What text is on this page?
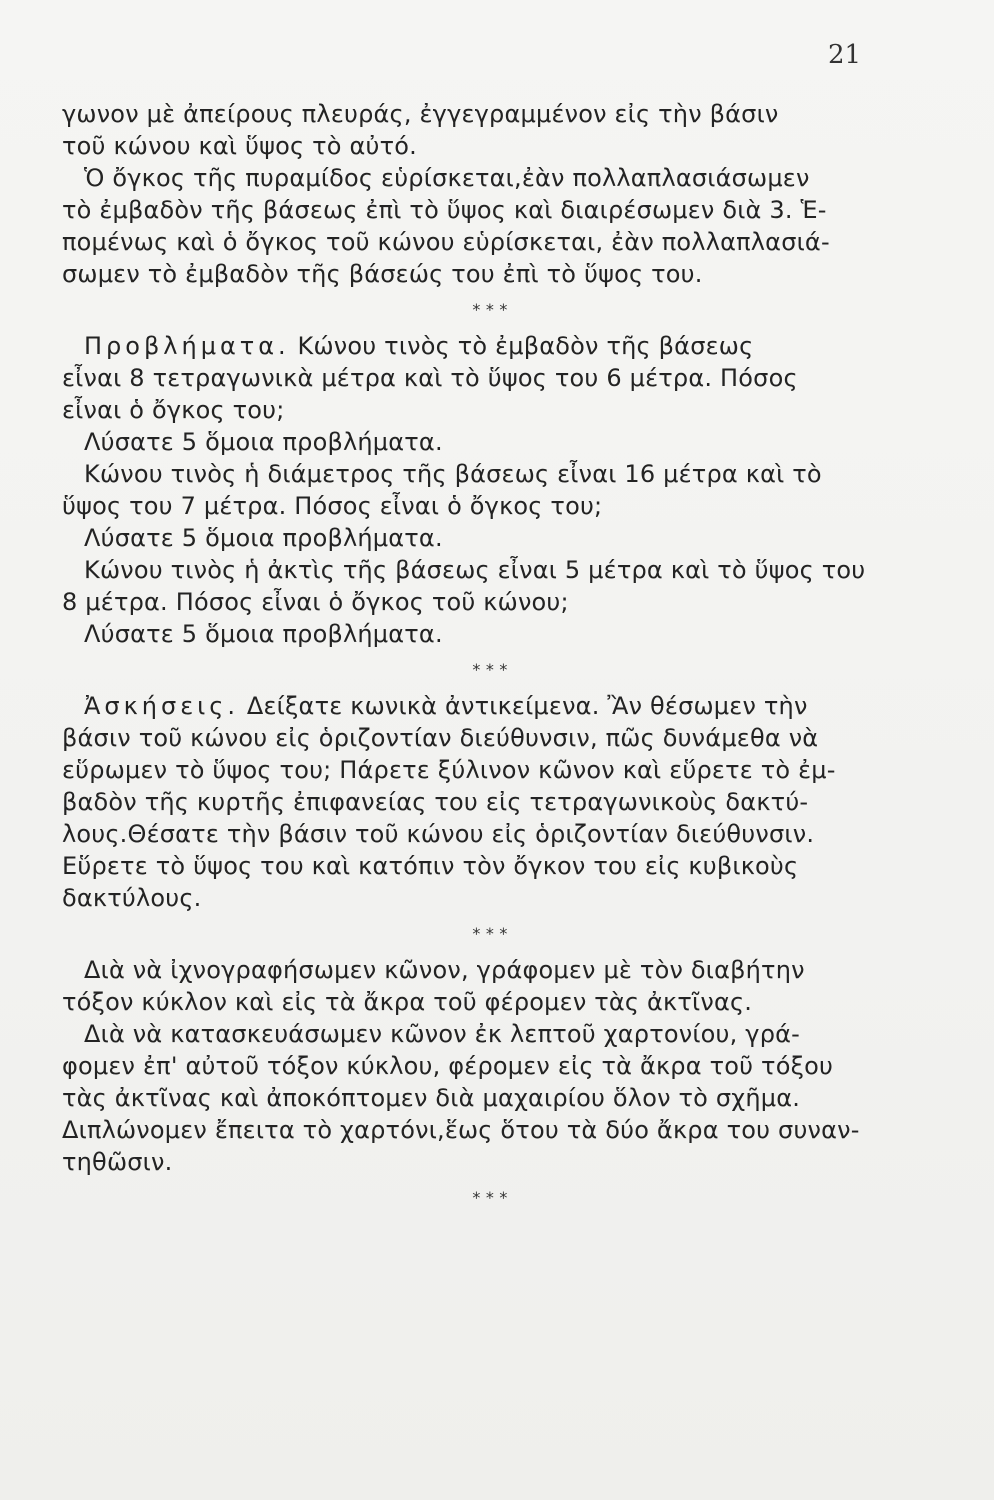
21
γωνον μὲ ἀπείρους πλευράς, ἐγγεγραμμένον εἰς τὴν βάσιν
τοῦ κώνου καὶ ὕψος τὸ αὐτό.
Ὁ ὄγκος τῆς πυραμίδος εὑρίσκεται,ἐὰν πολλαπλασιάσωμεν
τὸ ἐμβαδὸν τῆς βάσεως ἐπὶ τὸ ὕψος καὶ διαιρέσωμεν διὰ 3. Ἑ-
πομένως καὶ ὁ ὄγκος τοῦ κώνου εὑρίσκεται, ἐὰν πολλαπλασιά-
σωμεν τὸ ἐμβαδὸν τῆς βάσεώς του ἐπὶ τὸ ὕψος του.
* * *
Προβλήματα. Κώνου τινὸς τὸ ἐμβαδὸν τῆς βάσεως
εἶναι 8 τετραγωνικὰ μέτρα καὶ τὸ ὕψος του 6 μέτρα. Πόσος
εἶναι ὁ ὄγκος του;
Λύσατε 5 ὅμοια προβλήματα.
Κώνου τινὸς ἡ διάμετρος τῆς βάσεως εἶναι 16 μέτρα καὶ τὸ
ὕψος του 7 μέτρα. Πόσος εἶναι ὁ ὄγκος του;
Λύσατε 5 ὅμοια προβλήματα.
Κώνου τινὸς ἡ ἀκτὶς τῆς βάσεως εἶναι 5 μέτρα καὶ τὸ ὕψος του
8 μέτρα. Πόσος εἶναι ὁ ὄγκος τοῦ κώνου;
Λύσατε 5 ὅμοια προβλήματα.
* * *
Ἀσκήσεις. Δείξατε κωνικὰ ἀντικείμενα. Ἂν θέσωμεν τὴν
βάσιν τοῦ κώνου εἰς ὁριζοντίαν διεύθυνσιν, πῶς δυνάμεθα νὰ
εὕρωμεν τὸ ὕψος του; Πάρετε ξύλινον κῶνον καὶ εὕρετε τὸ ἐμ-
βαδὸν τῆς κυρτῆς ἐπιφανείας του εἰς τετραγωνικοὺς δακτύ-
λους.Θέσατε τὴν βάσιν τοῦ κώνου εἰς ὁριζοντίαν διεύθυνσιν.
Εὕρετε τὸ ὕψος του καὶ κατόπιν τὸν ὄγκον του εἰς κυβικοὺς
δακτύλους.
* * *
Διὰ νὰ ἰχνογραφήσωμεν κῶνον, γράφομεν μὲ τὸν διαβήτην
τόξον κύκλον καὶ εἰς τὰ ἄκρα τοῦ φέρομεν τὰς ἀκτῖνας.
Διὰ νὰ κατασκευάσωμεν κῶνον ἐκ λεπτοῦ χαρτονίου, γρά-
φομεν ἐπ' αὐτοῦ τόξον κύκλου, φέρομεν εἰς τὰ ἄκρα τοῦ τόξου
τὰς ἀκτῖνας καὶ ἀποκόπτομεν διὰ μαχαιρίου ὅλον τὸ σχῆμα.
Διπλώνομεν ἔπειτα τὸ χαρτόνι,ἕως ὅτου τὰ δύο ἄκρα του συναν-
τηθῶσιν.
* * *
